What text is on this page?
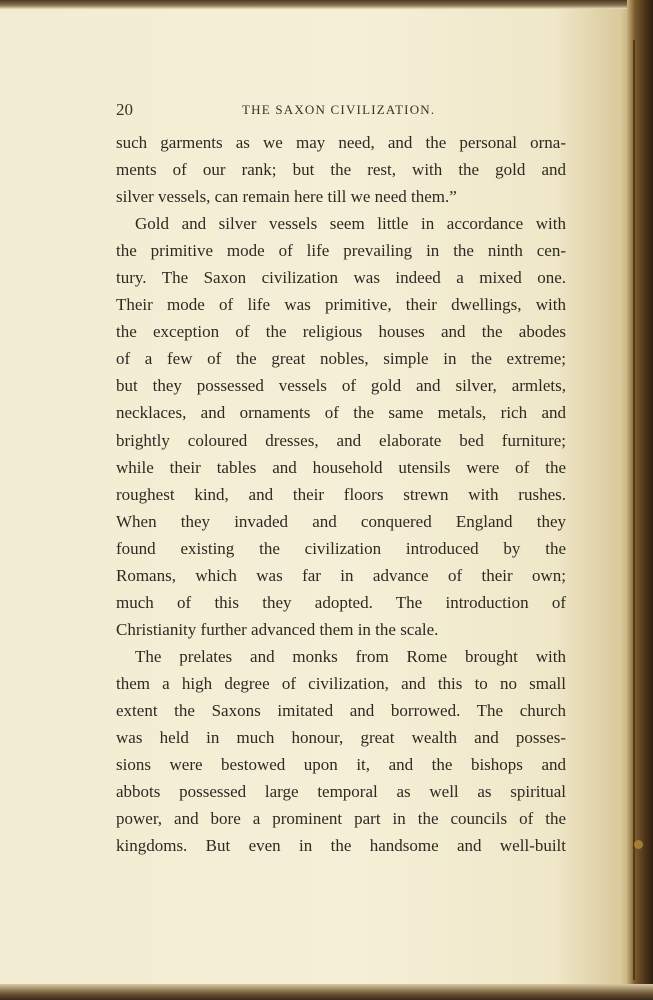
20	THE SAXON CIVILIZATION.
such garments as we may need, and the personal orna-
ments of our rank; but the rest, with the gold and
silver vessels, can remain here till we need them.”
Gold and silver vessels seem little in accordance with
the primitive mode of life prevailing in the ninth cen-
tury. The Saxon civilization was indeed a mixed one.
Their mode of life was primitive, their dwellings, with
the exception of the religious houses and the abodes
of a few of the great nobles, simple in the extreme;
but they possessed vessels of gold and silver, armlets,
necklaces, and ornaments of the same metals, rich and
brightly coloured dresses, and elaborate bed furniture;
while their tables and household utensils were of the
roughest kind, and their floors strewn with rushes.
When they invaded and conquered England they
found existing the civilization introduced by the
Romans, which was far in advance of their own;
much of this they adopted. The introduction of
Christianity further advanced them in the scale.
The prelates and monks from Rome brought with
them a high degree of civilization, and this to no small
extent the Saxons imitated and borrowed. The church
was held in much honour, great wealth and posses-
sions were bestowed upon it, and the bishops and
abbots possessed large temporal as well as spiritual
power, and bore a prominent part in the councils of the
kingdoms. But even in the handsome and well-built
